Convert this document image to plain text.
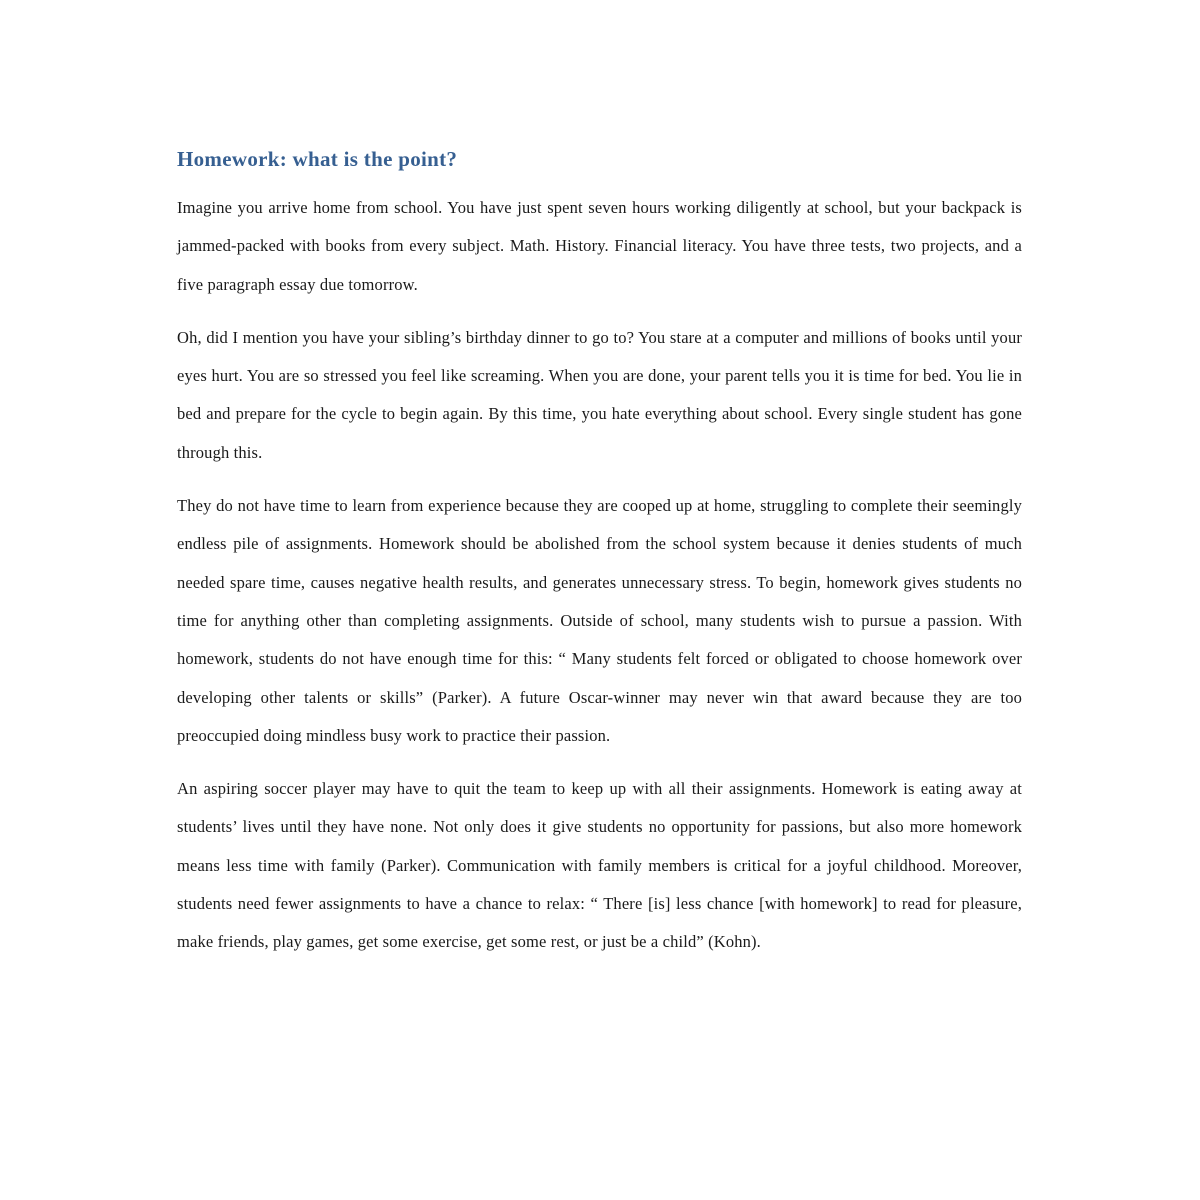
Homework: what is the point?

Imagine you arrive home from school. You have just spent seven hours working diligently at school, but your backpack is jammed-packed with books from every subject. Math. History. Financial literacy. You have three tests, two projects, and a five paragraph essay due tomorrow.

Oh, did I mention you have your sibling’s birthday dinner to go to? You stare at a computer and millions of books until your eyes hurt. You are so stressed you feel like screaming. When you are done, your parent tells you it is time for bed. You lie in bed and prepare for the cycle to begin again. By this time, you hate everything about school. Every single student has gone through this.

They do not have time to learn from experience because they are cooped up at home, struggling to complete their seemingly endless pile of assignments. Homework should be abolished from the school system because it denies students of much needed spare time, causes negative health results, and generates unnecessary stress. To begin, homework gives students no time for anything other than completing assignments. Outside of school, many students wish to pursue a passion. With homework, students do not have enough time for this: “ Many students felt forced or obligated to choose homework over developing other talents or skills” (Parker). A future Oscar-winner may never win that award because they are too preoccupied doing mindless busy work to practice their passion.

An aspiring soccer player may have to quit the team to keep up with all their assignments. Homework is eating away at students’ lives until they have none. Not only does it give students no opportunity for passions, but also more homework means less time with family (Parker). Communication with family members is critical for a joyful childhood. Moreover, students need fewer assignments to have a chance to relax: “ There [is] less chance [with homework] to read for pleasure, make friends, play games, get some exercise, get some rest, or just be a child” (Kohn).
